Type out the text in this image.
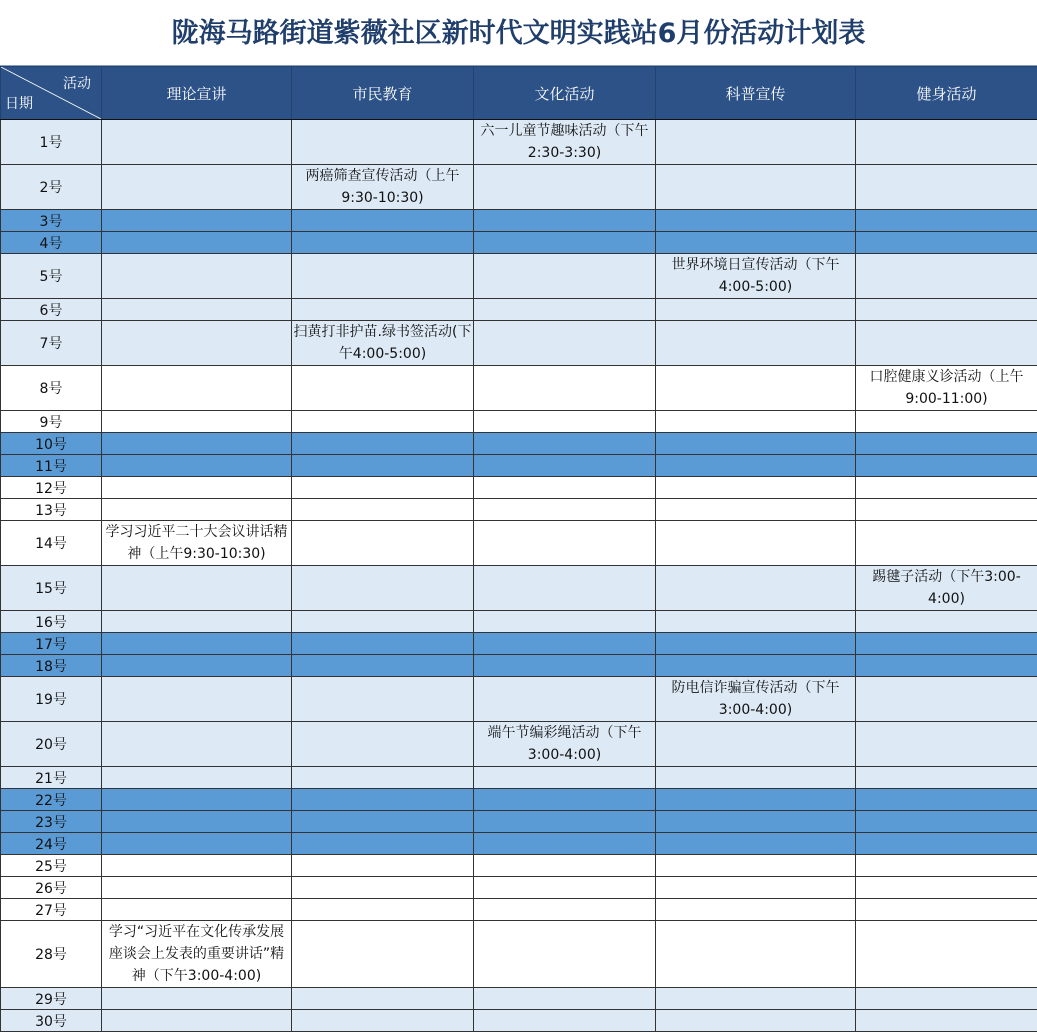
陇海马路街道紫薇社区新时代文明实践站6月份活动计划表
活动
日期	理论宣讲	市民教育	文化活动	科普宣传	健身活动
1号			六一儿童节趣味活动（下午2:30-3:30)		
2号		两癌筛查宣传活动（上午9:30-10:30)			
3号					
4号					
5号				世界环境日宣传活动（下午4:00-5:00)	
6号					
7号		扫黄打非护苗.绿书签活动(下午4:00-5:00)			
8号					口腔健康义诊活动（上午9:00-11:00)
9号					
10号					
11号					
12号					
13号					
14号	学习习近平二十大会议讲话精神（上午9:30-10:30)				
15号					踢毽子活动（下午3:00-4:00)
16号					
17号					
18号					
19号				防电信诈骗宣传活动（下午3:00-4:00)	
20号			端午节编彩绳活动（下午3:00-4:00)		
21号					
22号					
23号					
24号					
25号					
26号					
27号					
28号	学习“习近平在文化传承发展座谈会上发表的重要讲话”精神（下午3:00-4:00)				
29号					
30号					
